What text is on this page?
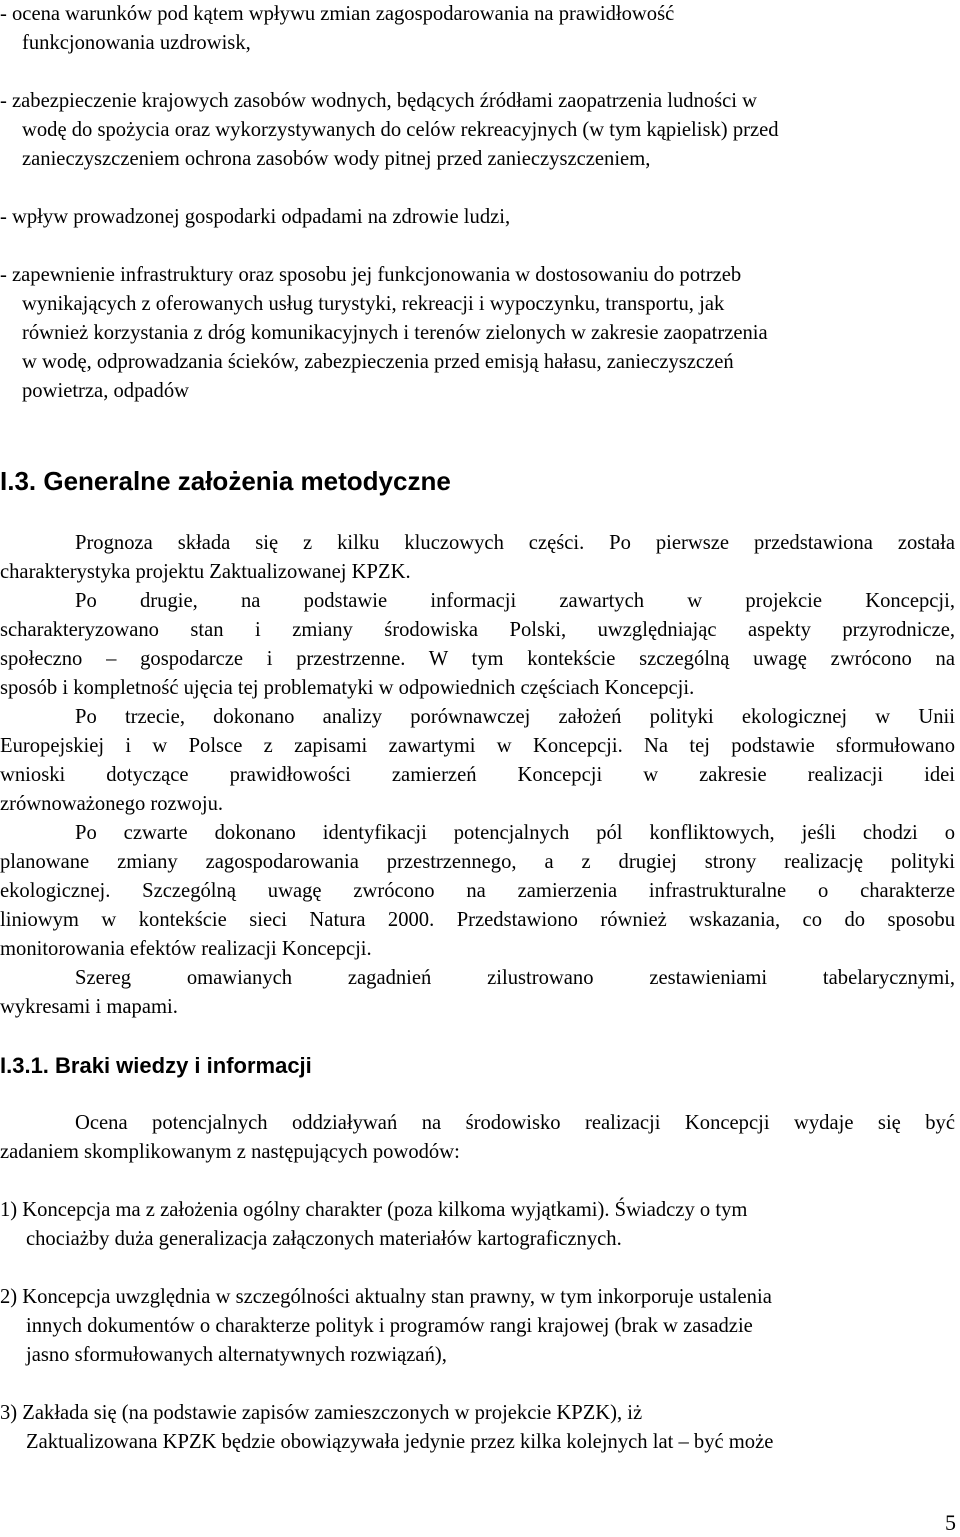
- ocena warunków pod kątem wpływu zmian zagospodarowania na prawidłowość
funkcjonowania uzdrowisk,
- zabezpieczenie krajowych zasobów wodnych, będących źródłami zaopatrzenia ludności w
wodę do spożycia oraz wykorzystywanych do celów rekreacyjnych (w tym kąpielisk) przed
zanieczyszczeniem ochrona zasobów wody pitnej przed zanieczyszczeniem,
- wpływ prowadzonej gospodarki odpadami na zdrowie ludzi,
- zapewnienie infrastruktury oraz sposobu jej funkcjonowania w dostosowaniu do potrzeb
wynikających z oferowanych usług turystyki, rekreacji i wypoczynku, transportu, jak
również korzystania z dróg komunikacyjnych i terenów zielonych w zakresie zaopatrzenia
w wodę, odprowadzania ścieków, zabezpieczenia przed emisją hałasu, zanieczyszczeń
powietrza, odpadów
I.3. Generalne założenia metodyczne
Prognoza składa się z kilku kluczowych części. Po pierwsze przedstawiona została
charakterystyka projektu Zaktualizowanej KPZK.
Po drugie, na podstawie informacji zawartych w projekcie Koncepcji,
scharakteryzowano stan i zmiany środowiska Polski, uwzględniając aspekty przyrodnicze,
społeczno – gospodarcze i przestrzenne. W tym kontekście szczególną uwagę zwrócono na
sposób i kompletność ujęcia tej problematyki w odpowiednich częściach Koncepcji.
Po trzecie, dokonano analizy porównawczej założeń polityki ekologicznej w Unii
Europejskiej i w Polsce z zapisami zawartymi w Koncepcji. Na tej podstawie sformułowano
wnioski dotyczące prawidłowości zamierzeń Koncepcji w zakresie realizacji idei
zrównoważonego rozwoju.
Po czwarte dokonano identyfikacji potencjalnych pól konfliktowych, jeśli chodzi o
planowane zmiany zagospodarowania przestrzennego, a z drugiej strony realizację polityki
ekologicznej. Szczególną uwagę zwrócono na zamierzenia infrastrukturalne o charakterze
liniowym w kontekście sieci Natura 2000. Przedstawiono również wskazania, co do sposobu
monitorowania efektów realizacji Koncepcji.
Szereg omawianych zagadnień zilustrowano zestawieniami tabelarycznymi,
wykresami i mapami.
I.3.1. Braki wiedzy i informacji
Ocena potencjalnych oddziaływań na środowisko realizacji Koncepcji wydaje się być
zadaniem skomplikowanym z następujących powodów:
1) Koncepcja ma z założenia ogólny charakter (poza kilkoma wyjątkami). Świadczy o tym
chociażby duża generalizacja załączonych materiałów kartograficznych.
2) Koncepcja uwzględnia w szczególności aktualny stan prawny, w tym inkorporuje ustalenia
innych dokumentów o charakterze polityk i programów rangi krajowej (brak w zasadzie
jasno sformułowanych alternatywnych rozwiązań),
3) Zakłada się (na podstawie zapisów zamieszczonych w projekcie KPZK), iż
Zaktualizowana KPZK będzie obowiązywała jedynie przez kilka kolejnych lat – być może
5
